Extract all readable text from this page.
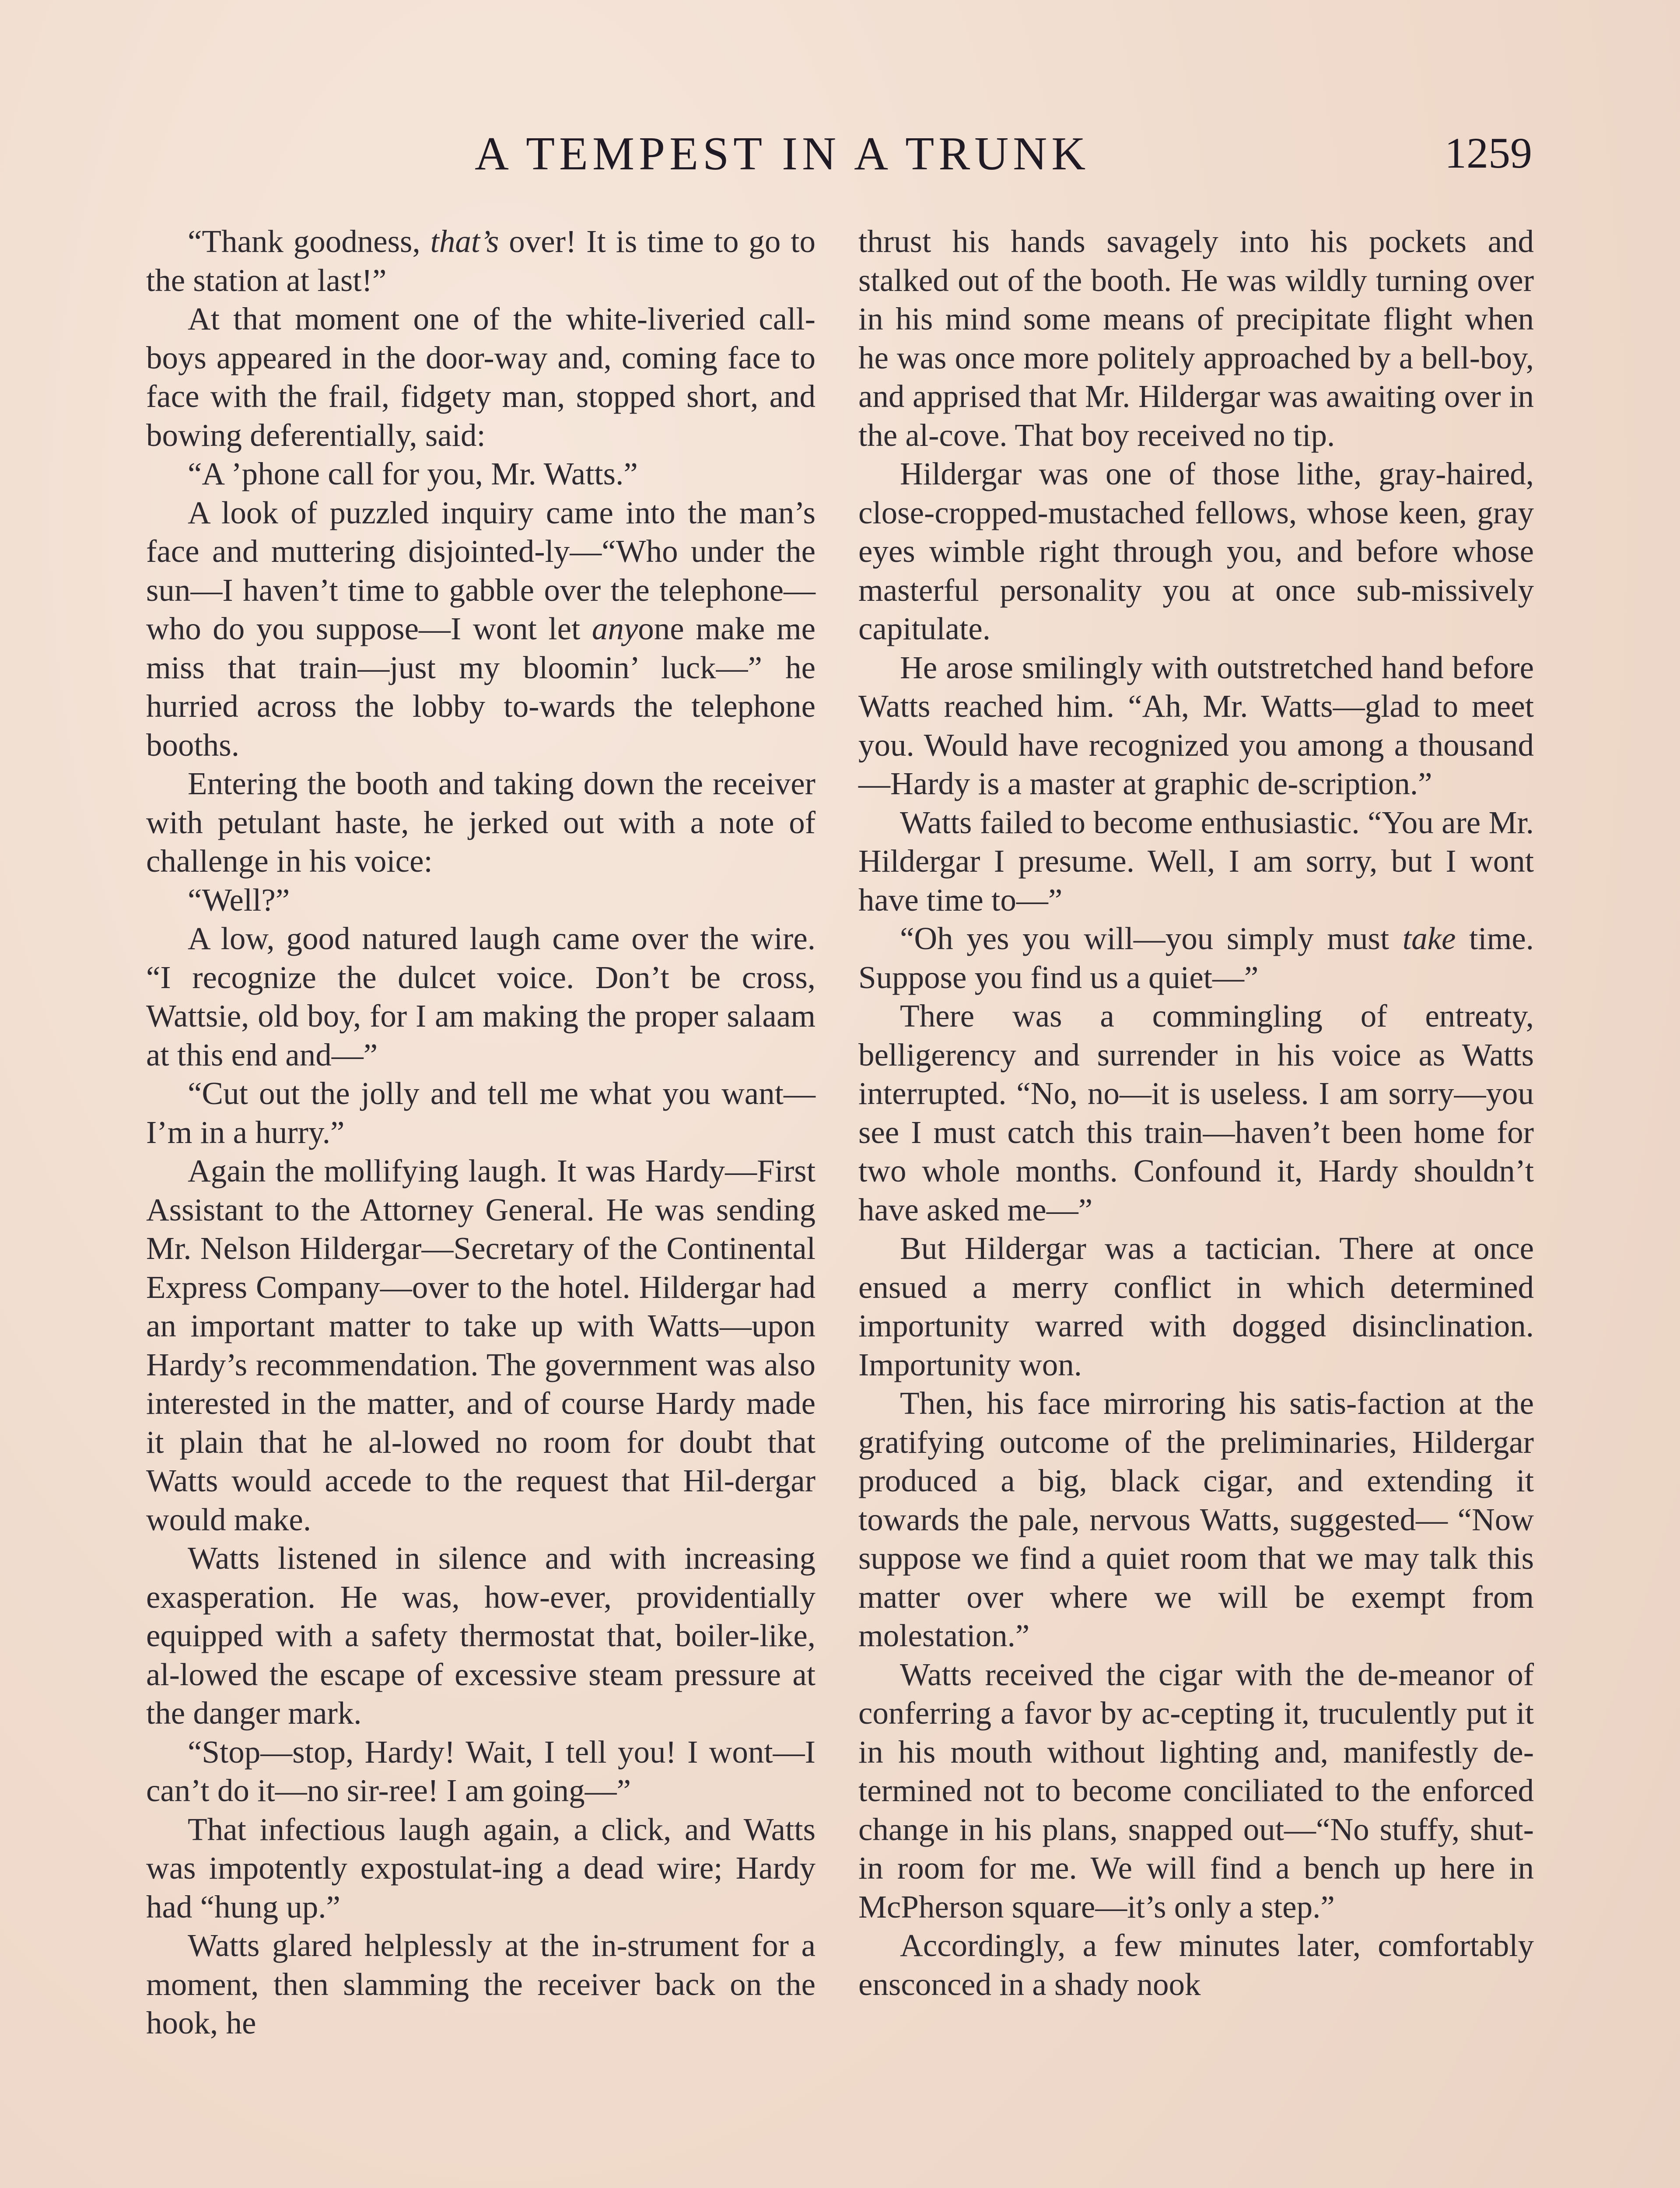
A TEMPEST IN A TRUNK	1259

“Thank goodness, that’s over! It is time to go to the station at last!”

At that moment one of the white-liveried call-boys appeared in the door-way and, coming face to face with the frail, fidgety man, stopped short, and bowing deferentially, said:

“A ’phone call for you, Mr. Watts.”

A look of puzzled inquiry came into the man’s face and muttering disjointed-ly—“Who under the sun—I haven’t time to gabble over the telephone—who do you suppose—I wont let anyone make me miss that train—just my bloomin’ luck—” he hurried across the lobby to-wards the telephone booths.

Entering the booth and taking down the receiver with petulant haste, he jerked out with a note of challenge in his voice:

“Well?”

A low, good natured laugh came over the wire. “I recognize the dulcet voice. Don’t be cross, Wattsie, old boy, for I am making the proper salaam at this end and—”

“Cut out the jolly and tell me what you want—I’m in a hurry.”

Again the mollifying laugh. It was Hardy—First Assistant to the Attorney General. He was sending Mr. Nelson Hildergar—Secretary of the Continental Express Company—over to the hotel. Hildergar had an important matter to take up with Watts—upon Hardy’s recommendation. The government was also interested in the matter, and of course Hardy made it plain that he al-lowed no room for doubt that Watts would accede to the request that Hil-dergar would make.

Watts listened in silence and with increasing exasperation. He was, how-ever, providentially equipped with a safety thermostat that, boiler-like, al-lowed the escape of excessive steam pressure at the danger mark.

“Stop—stop, Hardy! Wait, I tell you! I wont—I can’t do it—no sir-ree! I am going—”

That infectious laugh again, a click, and Watts was impotently expostulat-ing a dead wire; Hardy had “hung up.”

Watts glared helplessly at the in-strument for a moment, then slamming the receiver back on the hook, he

thrust his hands savagely into his pockets and stalked out of the booth. He was wildly turning over in his mind some means of precipitate flight when he was once more politely approached by a bell-boy, and apprised that Mr. Hildergar was awaiting over in the al-cove. That boy received no tip.

Hildergar was one of those lithe, gray-haired, close-cropped-mustached fellows, whose keen, gray eyes wimble right through you, and before whose masterful personality you at once sub-missively capitulate.

He arose smilingly with outstretched hand before Watts reached him. “Ah, Mr. Watts—glad to meet you. Would have recognized you among a thousand —Hardy is a master at graphic de-scription.”

Watts failed to become enthusiastic. “You are Mr. Hildergar I presume. Well, I am sorry, but I wont have time to—”

“Oh yes you will—you simply must take time. Suppose you find us a quiet—”

There was a commingling of entreaty, belligerency and surrender in his voice as Watts interrupted. “No, no—it is useless. I am sorry—you see I must catch this train—haven’t been home for two whole months. Confound it, Hardy shouldn’t have asked me—”

But Hildergar was a tactician. There at once ensued a merry conflict in which determined importunity warred with dogged disinclination. Importunity won.

Then, his face mirroring his satis-faction at the gratifying outcome of the preliminaries, Hildergar produced a big, black cigar, and extending it towards the pale, nervous Watts, suggested— “Now suppose we find a quiet room that we may talk this matter over where we will be exempt from molestation.”

Watts received the cigar with the de-meanor of conferring a favor by ac-cepting it, truculently put it in his mouth without lighting and, manifestly de-termined not to become conciliated to the enforced change in his plans, snapped out—“No stuffy, shut-in room for me. We will find a bench up here in McPherson square—it’s only a step.”

Accordingly, a few minutes later, comfortably ensconced in a shady nook
